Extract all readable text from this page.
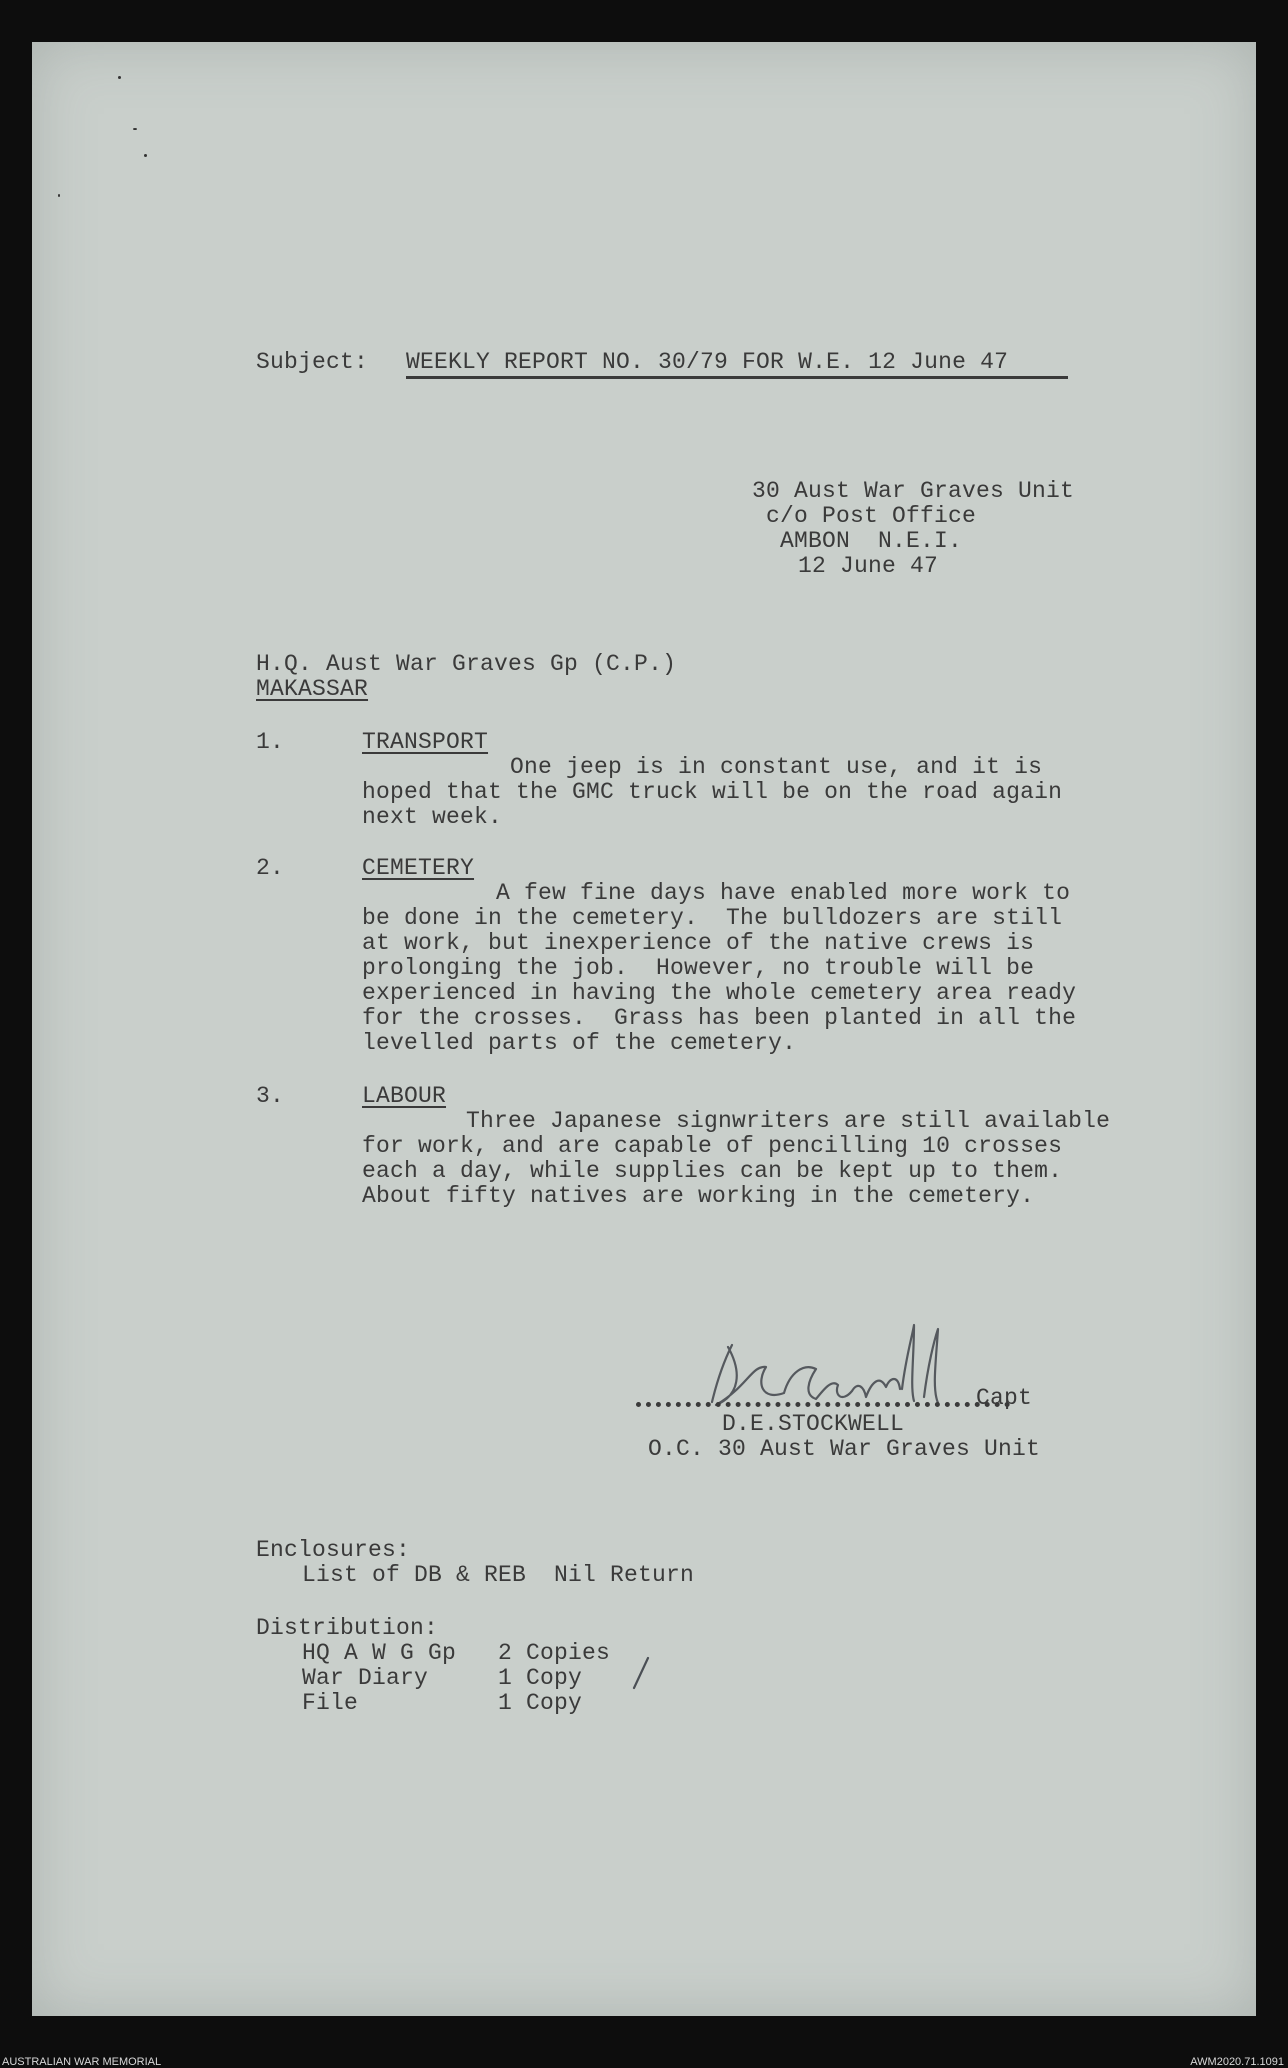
Subject: WEEKLY REPORT NO. 30/79 FOR W.E. 12 June 47

30 Aust War Graves Unit

c/o Post Office

AMBON  N.E.I.

12 June 47

H.Q. Aust War Graves Gp (C.P.)

MAKASSAR

1.	TRANSPORT

One jeep is in constant use, and it is

hoped that the GMC truck will be on the road again

next week.

2.	CEMETERY

A few fine days have enabled more work to

be done in the cemetery.  The bulldozers are still

at work, but inexperience of the native crews is

prolonging the job.  However, no trouble will be

experienced in having the whole cemetery area ready

for the crosses.  Grass has been planted in all the

levelled parts of the cemetery.

3.	LABOUR

Three Japanese signwriters are still available

for work, and are capable of pencilling 10 crosses

each a day, while supplies can be kept up to them.

About fifty natives are working in the cemetery.

Capt

D.E.STOCKWELL

O.C. 30 Aust War Graves Unit

Enclosures:

List of DB & REB  Nil Return

Distribution:

HQ A W G Gp 2 Copies

War Diary	1 Copy

File	1 Copy

AUSTRALIAN WAR MEMORIAL	AWM2020.71.1091
